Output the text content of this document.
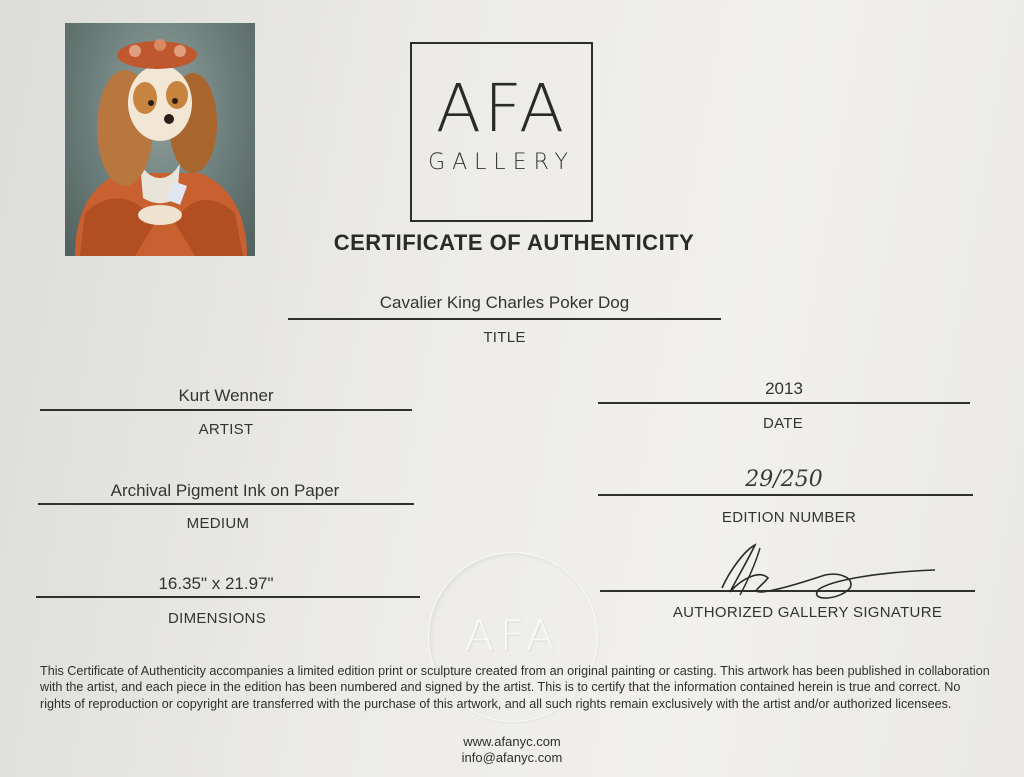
AFA
GALLERY
CERTIFICATE OF AUTHENTICITY
Cavalier King Charles Poker Dog
TITLE
Kurt Wenner
ARTIST
2013
DATE
Archival Pigment Ink on Paper
MEDIUM
29/250
EDITION NUMBER
16.35" x 21.97"
DIMENSIONS	AUTHORIZED GALLERY SIGNATURE
AFA
This Certificate of Authenticity accompanies a limited edition print or sculpture created from an original painting or casting. This artwork has been published in collaboration with the artist, and each piece in the edition has been numbered and signed by the artist. This is to certify that the information contained herein is true and correct. No rights of reproduction or copyright are transferred with the purchase of this artwork, and all such rights remain exclusively with the artist and/or authorized licensees.
www.afanyc.com
info@afanyc.com
